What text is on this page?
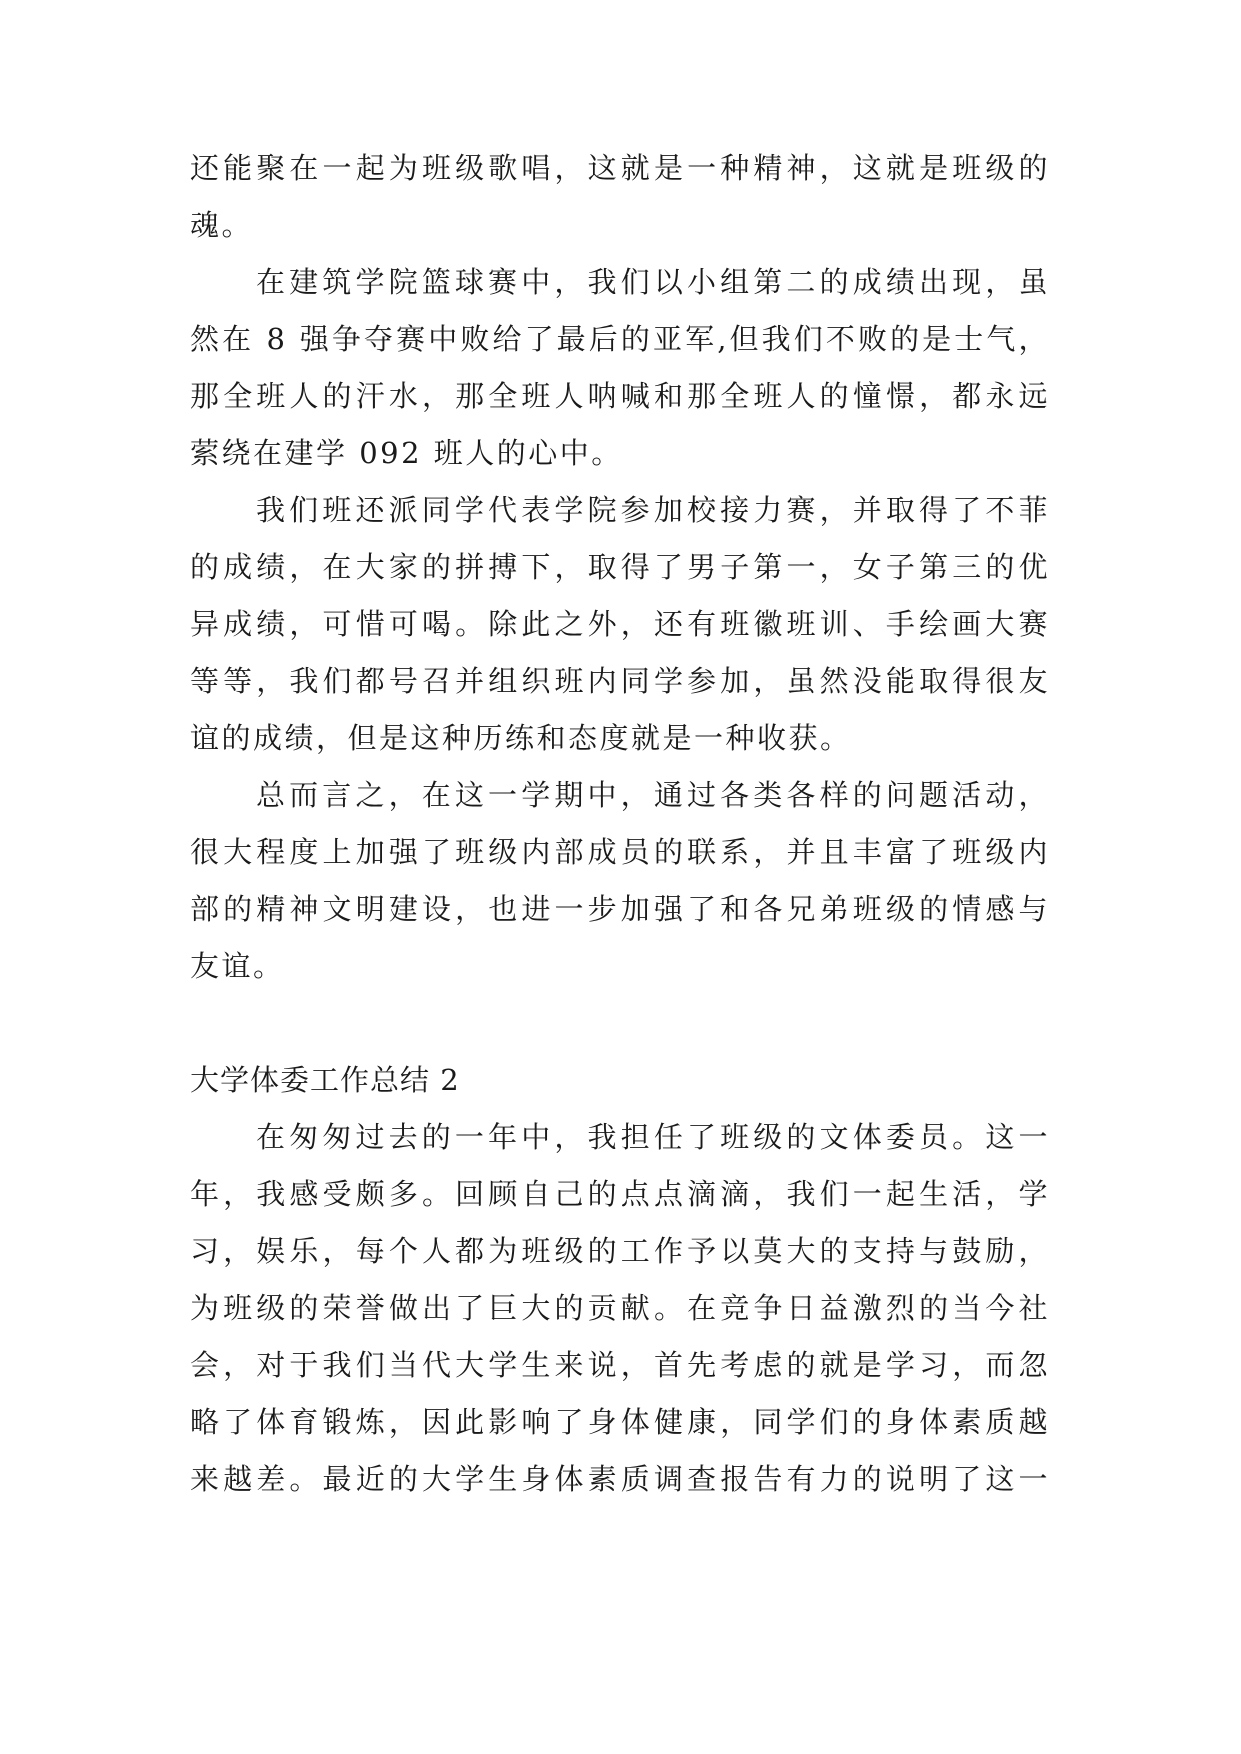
还能聚在一起为班级歌唱，这就是一种精神，这就是班级的
魂。
在建筑学院篮球赛中，我们以小组第二的成绩出现，虽
然在 8 强争夺赛中败给了最后的亚军,但我们不败的是士气，
那全班人的汗水，那全班人呐喊和那全班人的憧憬，都永远
萦绕在建学 092 班人的心中。
我们班还派同学代表学院参加校接力赛，并取得了不菲
的成绩，在大家的拼搏下，取得了男子第一，女子第三的优
异成绩，可惜可喝。除此之外，还有班徽班训、手绘画大赛
等等，我们都号召并组织班内同学参加，虽然没能取得很友
谊的成绩，但是这种历练和态度就是一种收获。
总而言之，在这一学期中，通过各类各样的问题活动，
很大程度上加强了班级内部成员的联系，并且丰富了班级内
部的精神文明建设，也进一步加强了和各兄弟班级的情感与
友谊。
大学体委工作总结 2
在匆匆过去的一年中，我担任了班级的文体委员。这一
年，我感受颇多。回顾自己的点点滴滴，我们一起生活，学
习，娱乐，每个人都为班级的工作予以莫大的支持与鼓励，
为班级的荣誉做出了巨大的贡献。在竞争日益激烈的当今社
会，对于我们当代大学生来说，首先考虑的就是学习，而忽
略了体育锻炼，因此影响了身体健康，同学们的身体素质越
来越差。最近的大学生身体素质调查报告有力的说明了这一
